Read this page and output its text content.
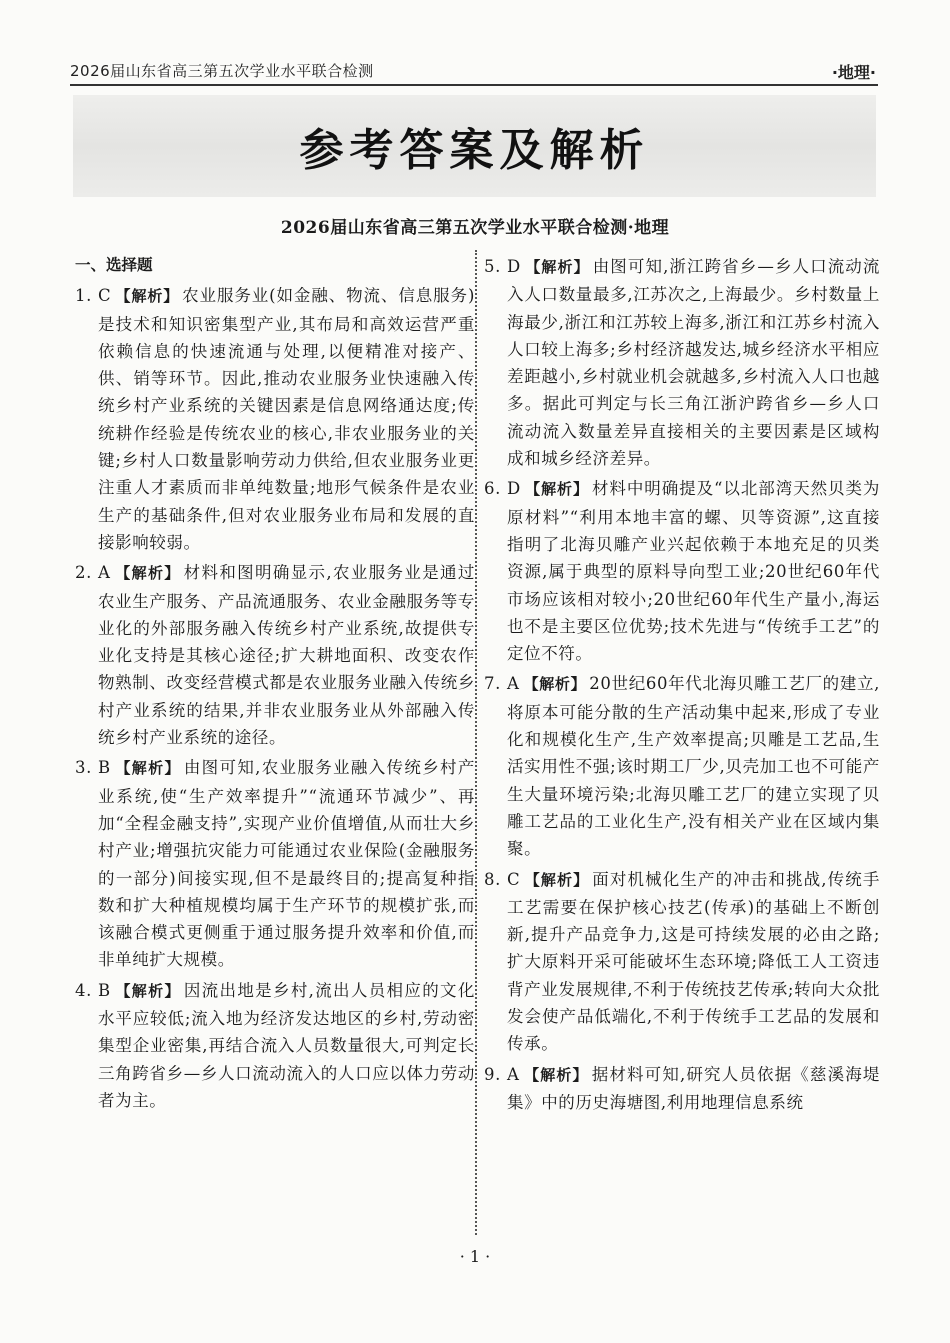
2026届山东省高三第五次学业水平联合检测	·地理·
参考答案及解析
2026届山东省高三第五次学业水平联合检测·地理
一、选择题
1. C 【解析】 农业服务业(如金融、物流、信息服务)是技术和知识密集型产业,其布局和高效运营严重依赖信息的快速流通与处理,以便精准对接产、供、销等环节。因此,推动农业服务业快速融入传统乡村产业系统的关键因素是信息网络通达度;传统耕作经验是传统农业的核心,非农业服务业的关键;乡村人口数量影响劳动力供给,但农业服务业更注重人才素质而非单纯数量;地形气候条件是农业生产的基础条件,但对农业服务业布局和发展的直接影响较弱。
2. A 【解析】 材料和图明确显示,农业服务业是通过农业生产服务、产品流通服务、农业金融服务等专业化的外部服务融入传统乡村产业系统,故提供专业化支持是其核心途径;扩大耕地面积、改变农作物熟制、改变经营模式都是农业服务业融入传统乡村产业系统的结果,并非农业服务业从外部融入传统乡村产业系统的途径。
3. B 【解析】 由图可知,农业服务业融入传统乡村产业系统,使“生产效率提升”“流通环节减少”、再加“全程金融支持”,实现产业价值增值,从而壮大乡村产业;增强抗灾能力可能通过农业保险(金融服务的一部分)间接实现,但不是最终目的;提高复种指数和扩大种植规模均属于生产环节的规模扩张,而该融合模式更侧重于通过服务提升效率和价值,而非单纯扩大规模。
4. B 【解析】 因流出地是乡村,流出人员相应的文化水平应较低;流入地为经济发达地区的乡村,劳动密集型企业密集,再结合流入人员数量很大,可判定长三角跨省乡—乡人口流动流入的人口应以体力劳动者为主。
5. D 【解析】 由图可知,浙江跨省乡—乡人口流动流入人口数量最多,江苏次之,上海最少。乡村数量上海最少,浙江和江苏较上海多,浙江和江苏乡村流入人口较上海多;乡村经济越发达,城乡经济水平相应差距越小,乡村就业机会就越多,乡村流入人口也越多。据此可判定与长三角江浙沪跨省乡—乡人口流动流入数量差异直接相关的主要因素是区域构成和城乡经济差异。
6. D 【解析】 材料中明确提及“以北部湾天然贝类为原材料”“利用本地丰富的螺、贝等资源”,这直接指明了北海贝雕产业兴起依赖于本地充足的贝类资源,属于典型的原料导向型工业;20世纪60年代市场应该相对较小;20世纪60年代生产量小,海运也不是主要区位优势;技术先进与“传统手工艺”的定位不符。
7. A 【解析】 20世纪60年代北海贝雕工艺厂的建立,将原本可能分散的生产活动集中起来,形成了专业化和规模化生产,生产效率提高;贝雕是工艺品,生活实用性不强;该时期工厂少,贝壳加工也不可能产生大量环境污染;北海贝雕工艺厂的建立实现了贝雕工艺品的工业化生产,没有相关产业在区域内集聚。
8. C 【解析】 面对机械化生产的冲击和挑战,传统手工艺需要在保护核心技艺(传承)的基础上不断创新,提升产品竞争力,这是可持续发展的必由之路;扩大原料开采可能破坏生态环境;降低工人工资违背产业发展规律,不利于传统技艺传承;转向大众批发会使产品低端化,不利于传统手工艺品的发展和传承。
9. A 【解析】 据材料可知,研究人员依据《慈溪海堤集》中的历史海塘图,利用地理信息系统
· 1 ·
